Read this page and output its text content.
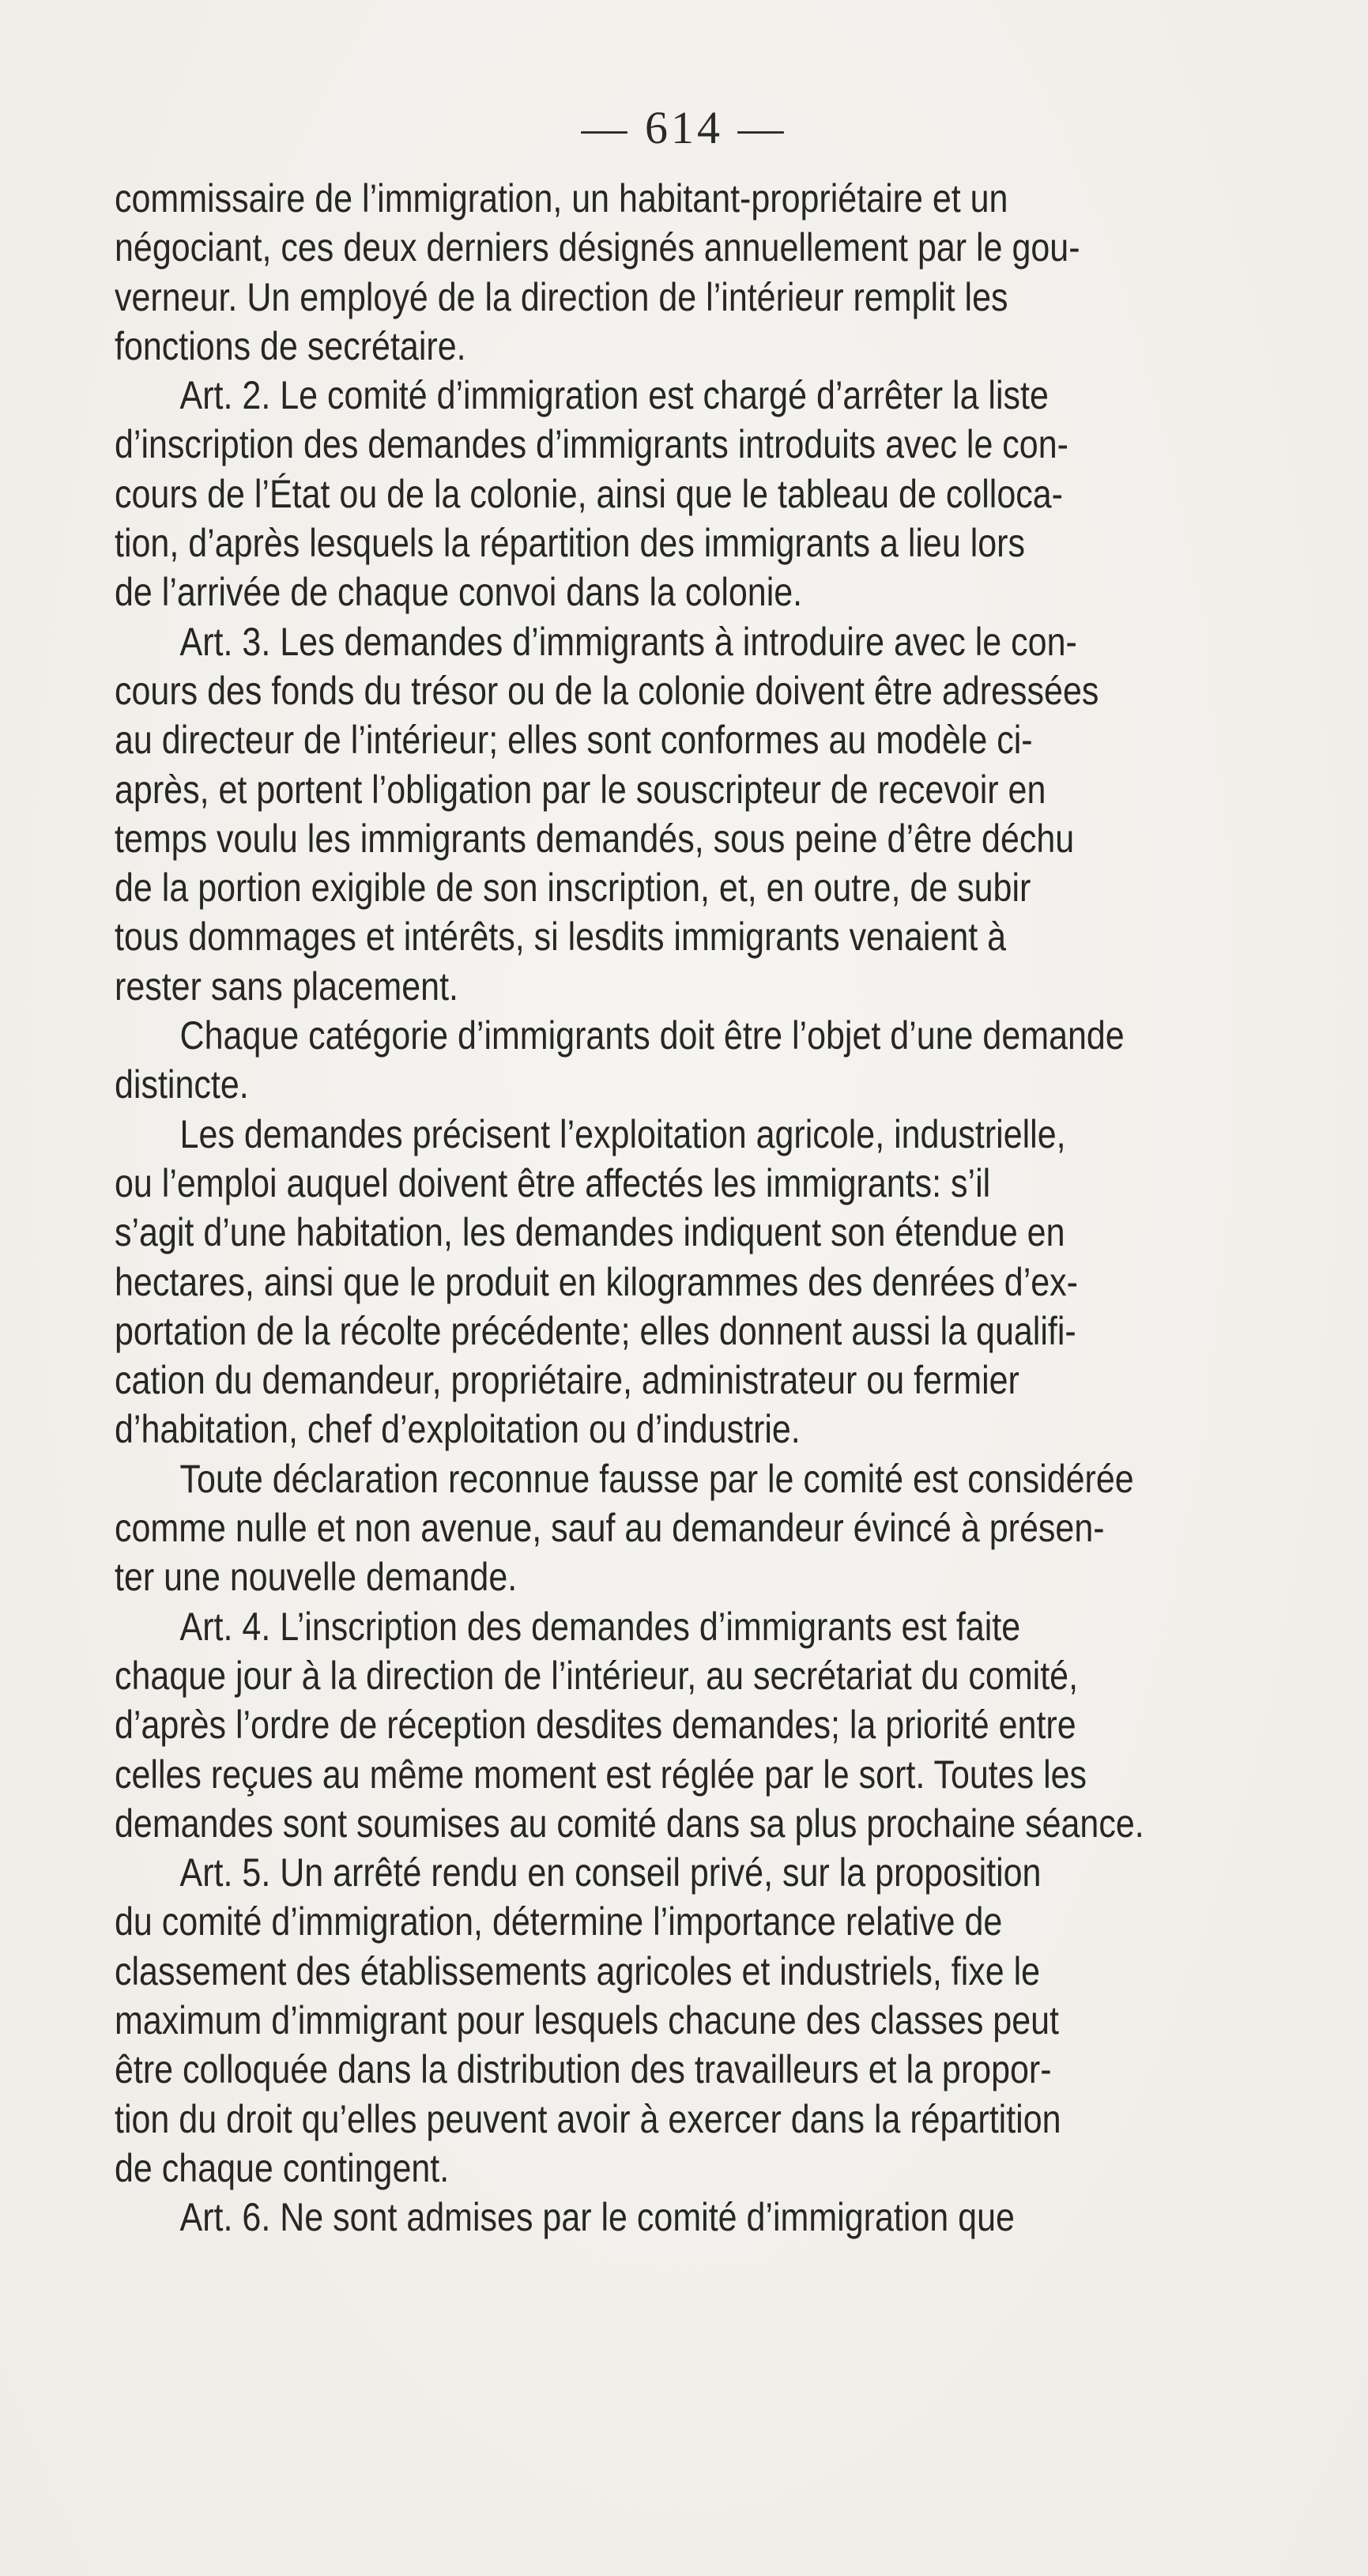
— 614 —
commissaire de l’immigration, un habitant-propriétaire et un
négociant, ces deux derniers désignés annuellement par le gou-
verneur. Un employé de la direction de l’intérieur remplit les
fonctions de secrétaire.
Art. 2. Le comité d’immigration est chargé d’arrêter la liste
d’inscription des demandes d’immigrants introduits avec le con-
cours de l’État ou de la colonie, ainsi que le tableau de colloca-
tion, d’après lesquels la répartition des immigrants a lieu lors
de l’arrivée de chaque convoi dans la colonie.
Art. 3. Les demandes d’immigrants à introduire avec le con-
cours des fonds du trésor ou de la colonie doivent être adressées
au directeur de l’intérieur; elles sont conformes au modèle ci-
après, et portent l’obligation par le souscripteur de recevoir en
temps voulu les immigrants demandés, sous peine d’être déchu
de la portion exigible de son inscription, et, en outre, de subir
tous dommages et intérêts, si lesdits immigrants venaient à
rester sans placement.
Chaque catégorie d’immigrants doit être l’objet d’une demande
distincte.
Les demandes précisent l’exploitation agricole, industrielle,
ou l’emploi auquel doivent être affectés les immigrants: s’il
s’agit d’une habitation, les demandes indiquent son étendue en
hectares, ainsi que le produit en kilogrammes des denrées d’ex-
portation de la récolte précédente; elles donnent aussi la qualifi-
cation du demandeur, propriétaire, administrateur ou fermier
d’habitation, chef d’exploitation ou d’industrie.
Toute déclaration reconnue fausse par le comité est considérée
comme nulle et non avenue, sauf au demandeur évincé à présen-
ter une nouvelle demande.
Art. 4. L’inscription des demandes d’immigrants est faite
chaque jour à la direction de l’intérieur, au secrétariat du comité,
d’après l’ordre de réception desdites demandes; la priorité entre
celles reçues au même moment est réglée par le sort. Toutes les
demandes sont soumises au comité dans sa plus prochaine séance.
Art. 5. Un arrêté rendu en conseil privé, sur la proposition
du comité d’immigration, détermine l’importance relative de
classement des établissements agricoles et industriels, fixe le
maximum d’immigrant pour lesquels chacune des classes peut
être colloquée dans la distribution des travailleurs et la propor-
tion du droit qu’elles peuvent avoir à exercer dans la répartition
de chaque contingent.
Art. 6. Ne sont admises par le comité d’immigration que
